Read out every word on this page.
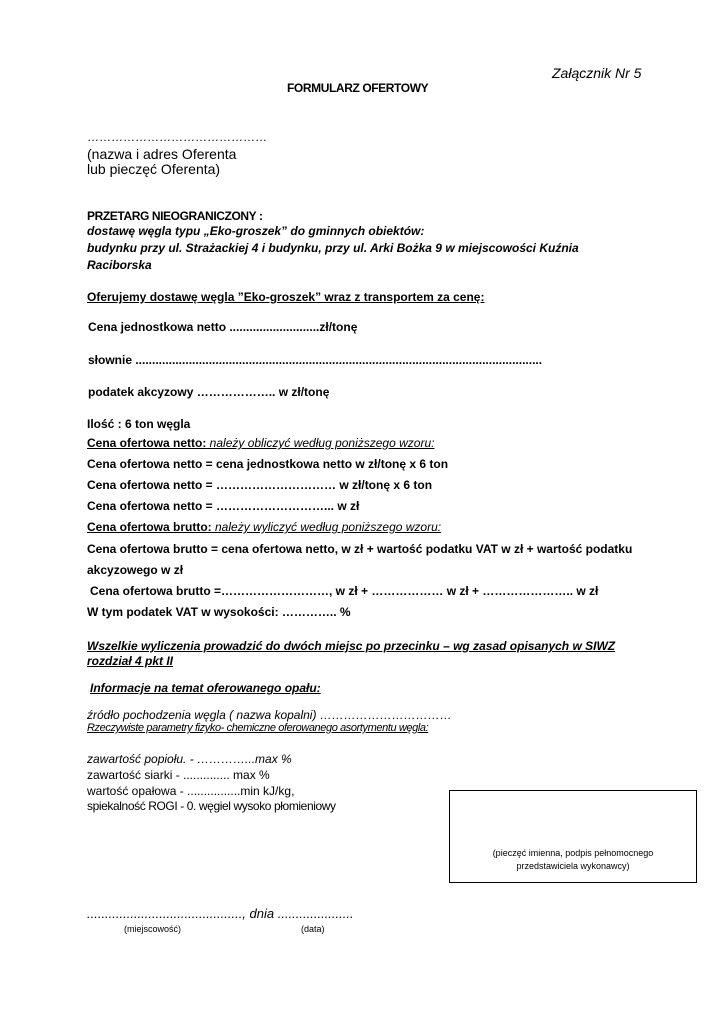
Załącznik Nr 5
FORMULARZ OFERTOWY
………………………………………
(nazwa i adres Oferenta
lub pieczęć Oferenta)
PRZETARG NIEOGRANICZONY :
dostawę węgla typu „Eko-groszek” do gminnych obiektów:
budynku przy ul. Strażackiej 4 i budynku, przy ul. Arki Bożka 9 w miejscowości Kuźnia
Raciborska
Oferujemy dostawę węgla ”Eko-groszek” wraz z transportem za cenę:
Cena jednostkowa netto ...........................zł/tonę
słownie ..........................................................................................................................
podatek akcyzowy ……………….. w zł/tonę
Ilość : 6 ton węgla
Cena ofertowa netto: należy obliczyć według poniższego wzoru:
Cena ofertowa netto = cena jednostkowa netto w zł/tonę x 6 ton
Cena ofertowa netto = ………………………… w zł/tonę x 6 ton
Cena ofertowa netto = ………………………... w zł
Cena ofertowa brutto: należy wyliczyć według poniższego wzoru:
Cena ofertowa brutto = cena ofertowa netto, w zł + wartość podatku VAT w zł + wartość podatku
akcyzowego w zł
Cena ofertowa brutto =………………………, w zł + ……………… w zł + ………………….. w zł
W tym podatek VAT w wysokości: ………….. %
Wszelkie wyliczenia prowadzić do dwóch miejsc po przecinku – wg zasad opisanych w SIWZ
rozdział 4 pkt II
Informacje na temat oferowanego opału:
źródło pochodzenia węgla ( nazwa kopalni) ……………………………
Rzeczywiste parametry fizyko- chemiczne oferowanego asortymentu węgla:
zawartość popiołu. - …………...max %
zawartość siarki - .............. max %
wartość opałowa - ................min kJ/kg,
spiekalność ROGI - 0. węgiel wysoko płomieniowy
(pieczęć imienna, podpis pełnomocnego
przedstawiciela wykonawcy)
..........................................., dnia .....................
(miejscowość)	(data)
